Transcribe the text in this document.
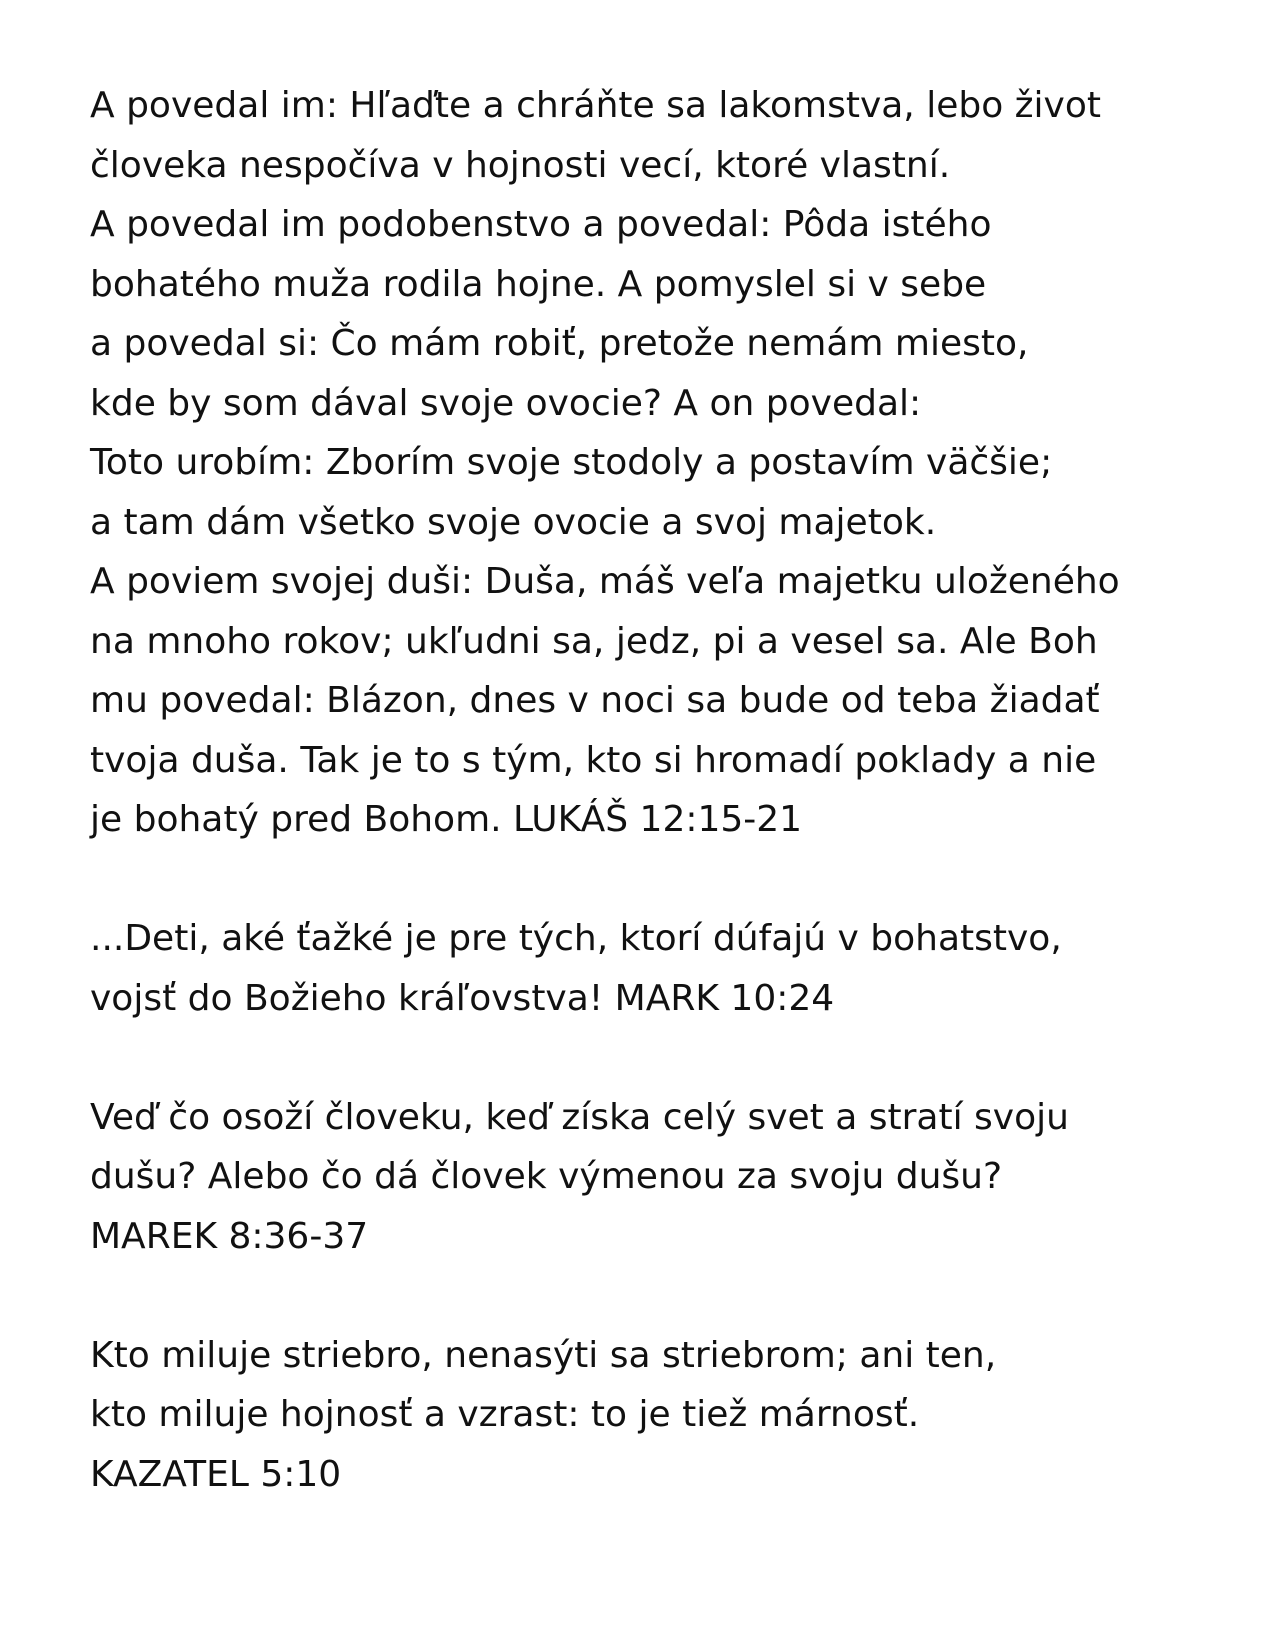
A povedal im: Hľaďte a chráňte sa lakomstva, lebo život
človeka nespočíva v hojnosti vecí, ktoré vlastní.
A povedal im podobenstvo a povedal: Pôda istého
bohatého muža rodila hojne. A pomyslel si v sebe
a povedal si: Čo mám robiť, pretože nemám miesto,
kde by som dával svoje ovocie? A on povedal:
Toto urobím: Zborím svoje stodoly a postavím väčšie;
a tam dám všetko svoje ovocie a svoj majetok.
A poviem svojej duši: Duša, máš veľa majetku uloženého
na mnoho rokov; ukľudni sa, jedz, pi a vesel sa. Ale Boh
mu povedal: Blázon, dnes v noci sa bude od teba žiadať
tvoja duša. Tak je to s tým, kto si hromadí poklady a nie
je bohatý pred Bohom. LUKÁŠ 12:15-21
...Deti, aké ťažké je pre tých, ktorí dúfajú v bohatstvo,
vojsť do Božieho kráľovstva! MARK 10:24
Veď čo osoží človeku, keď získa celý svet a stratí svoju
dušu? Alebo čo dá človek výmenou za svoju dušu?
MAREK 8:36-37
Kto miluje striebro, nenasýti sa striebrom; ani ten,
kto miluje hojnosť a vzrast: to je tiež márnosť.
KAZATEL 5:10
